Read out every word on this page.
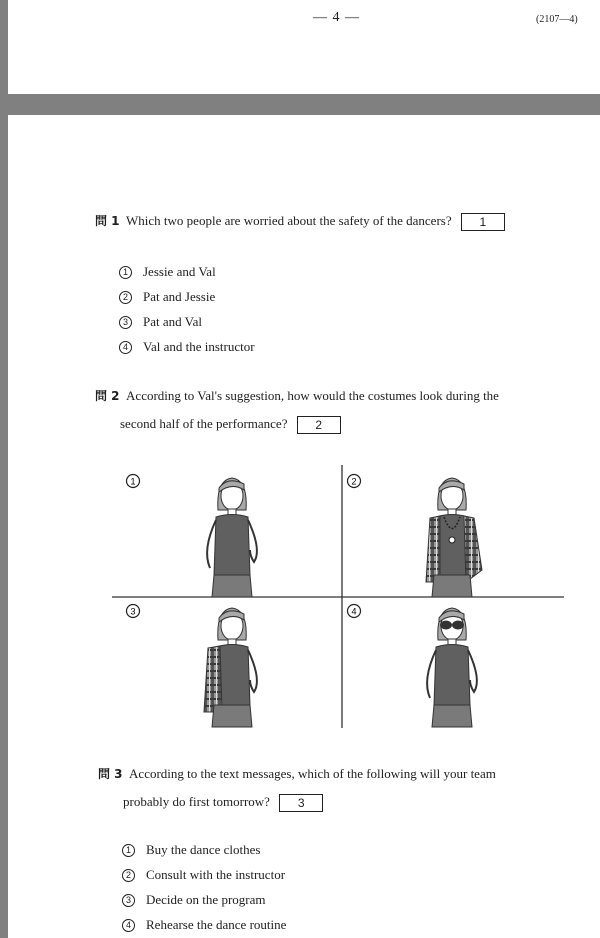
— 4 —	(2107—4)
問 1 Which two people are worried about the safety of the dancers? 1
1	Jessie and Val
2	Pat and Jessie
3	Pat and Val
4	Val and the instructor
問 2 According to Val's suggestion, how would the costumes look during the
second half of the performance? 2
1	2
3	4
問 3 According to the text messages, which of the following will your team
probably do first tomorrow? 3
1	Buy the dance clothes
2	Consult with the instructor
3	Decide on the program
4	Rehearse the dance routine
